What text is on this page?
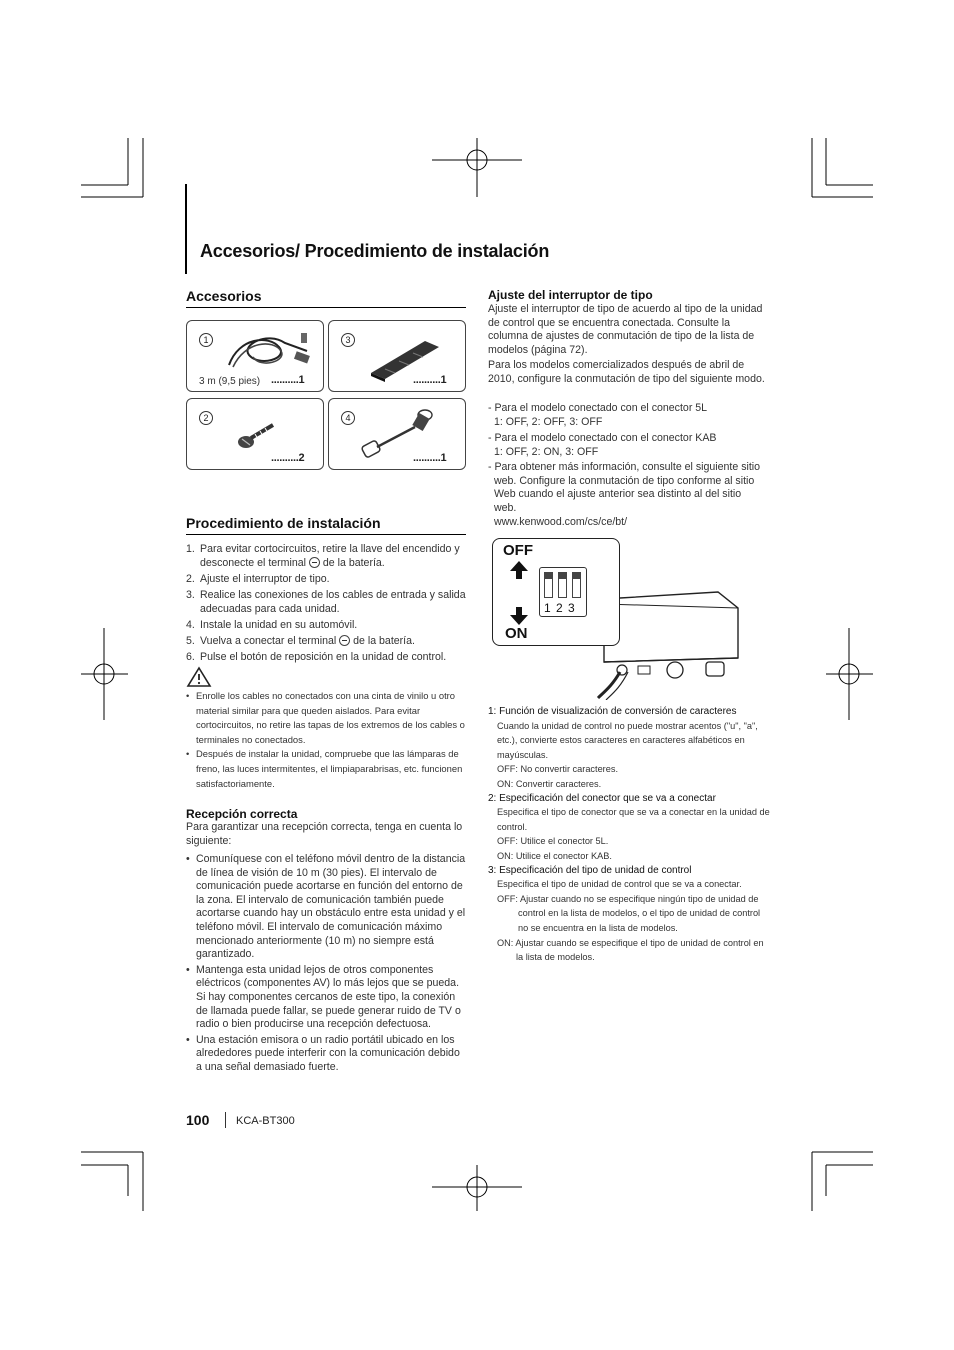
Accesorios/ Procedimiento de instalación
Accesorios
1
3 m (9,5 pies) ..........1
3
..........1
2
..........2
4
..........1
Procedimiento de instalación
1. Para evitar cortocircuitos, retire la llave del encendido y desconecte el terminal de la batería.
2. Ajuste el interruptor de tipo.
3. Realice las conexiones de los cables de entrada y salida adecuadas para cada unidad.
4. Instale la unidad en su automóvil.
5. Vuelva a conectar el terminal de la batería.
6. Pulse el botón de reposición en la unidad de control.
• Enrolle los cables no conectados con una cinta de vinilo u otro material similar para que queden aislados. Para evitar cortocircuitos, no retire las tapas de los extremos de los cables o terminales no conectados.
• Después de instalar la unidad, compruebe que las lámparas de freno, las luces intermitentes, el limpiaparabrisas, etc. funcionen satisfactoriamente.
Recepción correcta
Para garantizar una recepción correcta, tenga en cuenta lo siguiente:
• Comuníquese con el teléfono móvil dentro de la distancia de línea de visión de 10 m (30 pies). El intervalo de comunicación puede acortarse en función del entorno de la zona. El intervalo de comunicación también puede acortarse cuando hay un obstáculo entre esta unidad y el teléfono móvil. El intervalo de comunicación máximo mencionado anteriormente (10 m) no siempre está garantizado.
• Mantenga esta unidad lejos de otros componentes eléctricos (componentes AV) lo más lejos que se pueda. Si hay componentes cercanos de este tipo, la conexión de llamada puede fallar, se puede generar ruido de TV o radio o bien producirse una recepción defectuosa.
• Una estación emisora o un radio portátil ubicado en los alrededores puede interferir con la comunicación debido a una señal demasiado fuerte.
Ajuste del interruptor de tipo
Ajuste el interruptor de tipo de acuerdo al tipo de la unidad de control que se encuentra conectada. Consulte la columna de ajustes de conmutación de tipo de la lista de modelos (página 72).
Para los modelos comercializados después de abril de 2010, configure la conmutación de tipo del siguiente modo.
- Para el modelo conectado con el conector 5L
1: OFF, 2: OFF, 3: OFF
- Para el modelo conectado con el conector KAB
1: OFF, 2: ON, 3: OFF
- Para obtener más información, consulte el siguiente sitio web. Configure la conmutación de tipo conforme al sitio Web cuando el ajuste anterior sea distinto al del sitio web.
www.kenwood.com/cs/ce/bt/
OFF
ON
1 2 3
1: Función de visualización de conversión de caracteres
Cuando la unidad de control no puede mostrar acentos ("u", "a", etc.), convierte estos caracteres en caracteres alfabéticos en mayúsculas.
OFF: No convertir caracteres.
ON: Convertir caracteres.
2: Especificación del conector que se va a conectar
Especifica el tipo de conector que se va a conectar en la unidad de control.
OFF: Utilice el conector 5L.
ON: Utilice el conector KAB.
3: Especificación del tipo de unidad de control
Especifica el tipo de unidad de control que se va a conectar.
OFF: Ajustar cuando no se especifique ningún tipo de unidad de control en la lista de modelos, o el tipo de unidad de control no se encuentra en la lista de modelos.
ON: Ajustar cuando se especifique el tipo de unidad de control en la lista de modelos.
100 KCA-BT300
